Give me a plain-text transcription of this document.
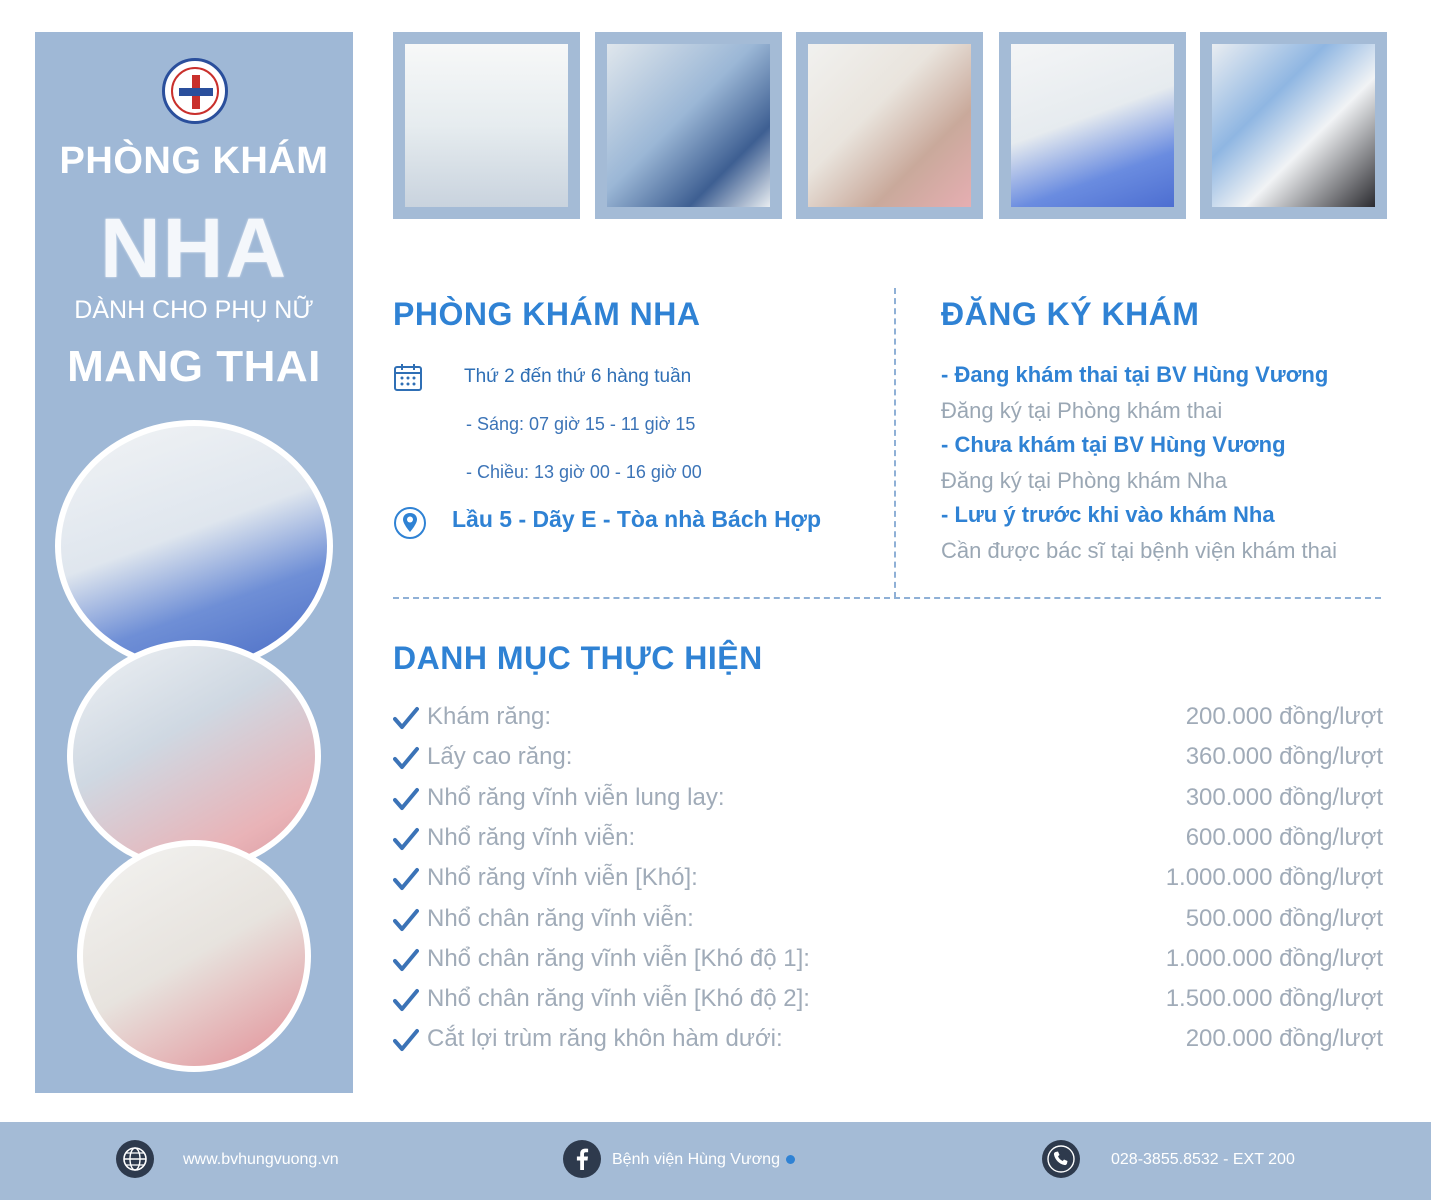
PHÒNG KHÁM
NHA
DÀNH CHO PHỤ NỮ
MANG THAI
PHÒNG KHÁM NHA
Thứ 2 đến thứ 6 hàng tuần
- Sáng: 07 giờ 15 - 11 giờ 15
- Chiều: 13 giờ 00 - 16 giờ 00
Lầu 5 - Dãy E - Tòa nhà Bách Hợp
ĐĂNG KÝ KHÁM
- Đang khám thai tại BV Hùng Vương
Đăng ký tại Phòng khám thai
- Chưa khám tại BV Hùng Vương
Đăng ký tại Phòng khám Nha
- Lưu ý trước khi vào khám Nha
Cần được bác sĩ tại bệnh viện khám thai
DANH MỤC THỰC HIỆN
Khám răng:	200.000 đồng/lượt
Lấy cao răng:	360.000 đồng/lượt
Nhổ răng vĩnh viễn lung lay:	300.000 đồng/lượt
Nhổ răng vĩnh viễn:	600.000 đồng/lượt
Nhổ răng vĩnh viễn [Khó]:	1.000.000 đồng/lượt
Nhổ chân răng vĩnh viễn:	500.000 đồng/lượt
Nhổ chân răng vĩnh viễn [Khó độ 1]:	1.000.000 đồng/lượt
Nhổ chân răng vĩnh viễn [Khó độ 2]:	1.500.000 đồng/lượt
Cắt lợi trùm răng khôn hàm dưới:	200.000 đồng/lượt
www.bvhungvuong.vn	Bệnh viện Hùng Vương	028-3855.8532 - EXT 200
